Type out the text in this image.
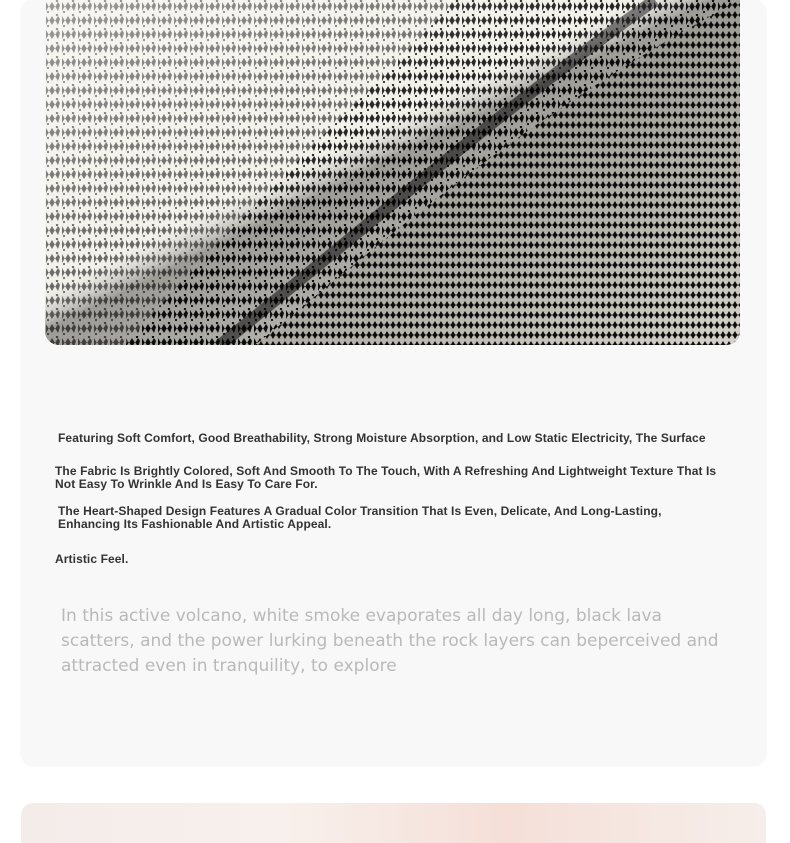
Featuring Soft Comfort, Good Breathability, Strong Moisture Absorption, and Low Static Electricity, The Surface
The Fabric Is Brightly Colored, Soft And Smooth To The Touch, With A Refreshing And Lightweight Texture That Is Not Easy To Wrinkle And Is Easy To Care For.
The Heart-Shaped Design Features A Gradual Color Transition That Is Even, Delicate, And Long-Lasting, Enhancing Its Fashionable And Artistic Appeal.
Artistic Feel.
In this active volcano, white smoke evaporates all day long, black lava scatters, and the power lurking beneath the rock layers can beperceived and attracted even in tranquility, to explore
